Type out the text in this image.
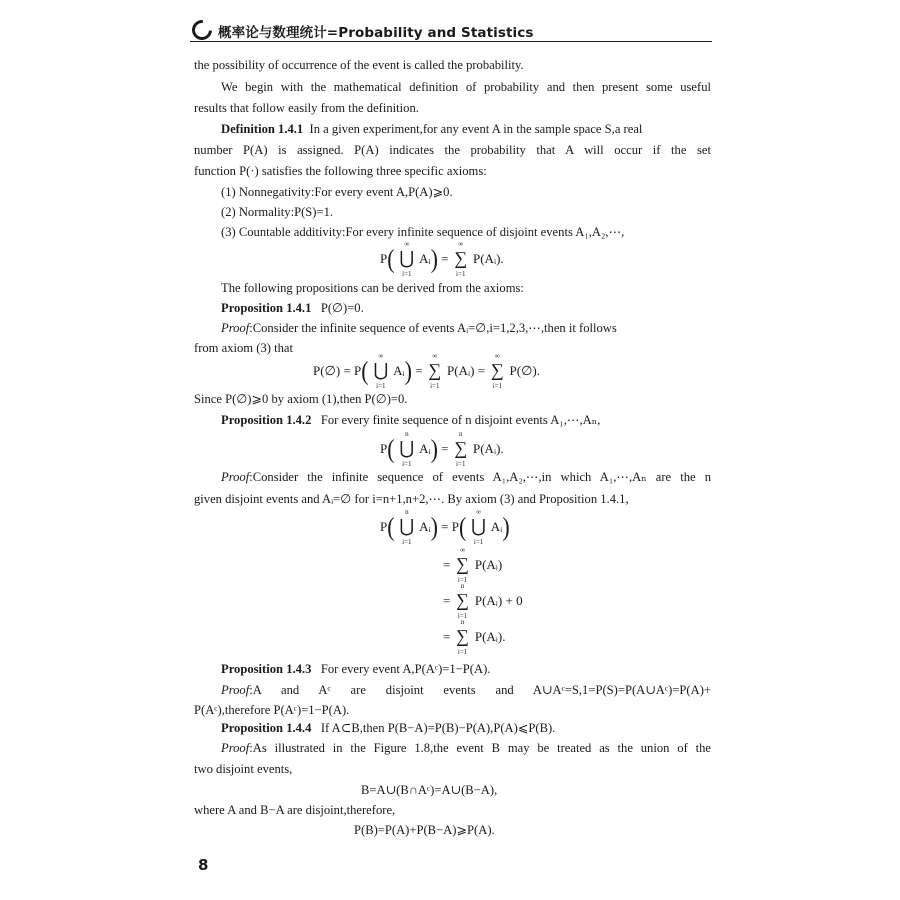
概率论与数理统计=Probability and Statistics
the possibility of occurrence of the event is called the probability.
We begin with the mathematical definition of probability and then present some useful
results that follow easily from the definition.
Definition 1.4.1 In a given experiment,for any event A in the sample space S,a real
number P(A) is assigned. P(A) indicates the probability that A will occur if the set
function P(·) satisfies the following three specific axioms:
(1) Nonnegativity:For every event A,P(A)⩾0.
(2) Normality:P(S)=1.
(3) Countable additivity:For every infinite sequence of disjoint events A₁,A₂,⋯,
P(	∞
⋃
i=1
Aᵢ) =
∞
∑
i=1
P(Aᵢ).
The following propositions can be derived from the axioms:
Proposition 1.4.1 P(∅)=0.
Proof:Consider the infinite sequence of events Aᵢ=∅,i=1,2,3,⋯,then it follows
from axiom (3) that
P(∅) = P(	∞
⋃
i=1
Aᵢ) =
∞
∑
i=1
P(Aᵢ) =
∞
∑
i=1
P(∅).
Since P(∅)⩾0 by axiom (1),then P(∅)=0.
Proposition 1.4.2 For every finite sequence of n disjoint events A₁,⋯,Aₙ,
P(	n
⋃
i=1
Aᵢ) =
n
∑
i=1
P(Aᵢ).
Proof:Consider the infinite sequence of events A₁,A₂,⋯,in which A₁,⋯,Aₙ are the n
given disjoint events and Aᵢ=∅ for i=n+1,n+2,⋯. By axiom (3) and Proposition 1.4.1,
P(	n
⋃
i=1
Aᵢ) = P(	∞
⋃
i=1
Aᵢ)
=
∞
∑
i=1
P(Aᵢ)
=
n
∑
i=1
P(Aᵢ) + 0
=
n
∑
i=1
P(Aᵢ).
Proposition 1.4.3 For every event A,P(Aᶜ)=1−P(A).
Proof:A and Aᶜ are disjoint events and A∪Aᶜ=S,1=P(S)=P(A∪Aᶜ)=P(A)+
P(Aᶜ),therefore P(Aᶜ)=1−P(A).
Proposition 1.4.4 If A⊂B,then P(B−A)=P(B)−P(A),P(A)⩽P(B).
Proof:As illustrated in the Figure 1.8,the event B may be treated as the union of the
two disjoint events,
B=A∪(B∩Aᶜ)=A∪(B−A),
where A and B−A are disjoint,therefore,
P(B)=P(A)+P(B−A)⩾P(A).
8
